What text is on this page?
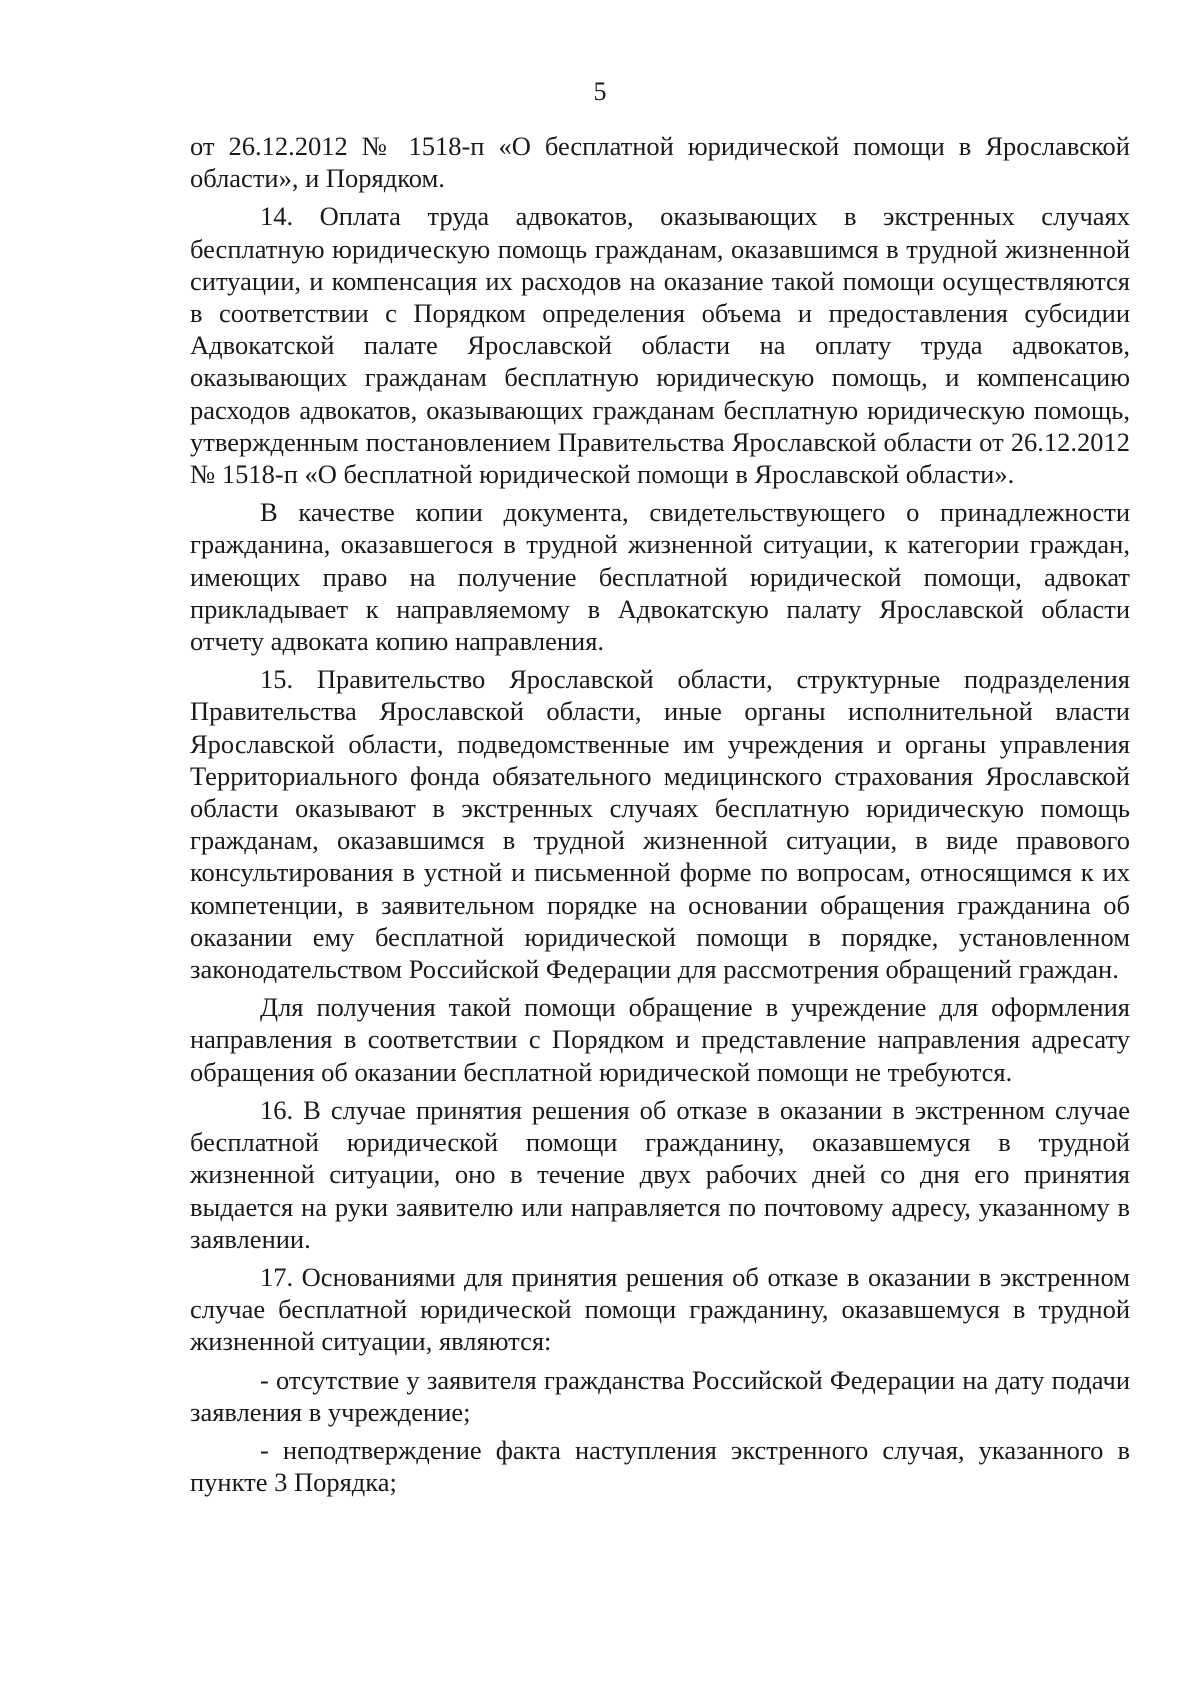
5

от 26.12.2012 № 1518-п «О бесплатной юридической помощи в Ярославской области», и Порядком.

14. Оплата труда адвокатов, оказывающих в экстренных случаях бесплатную юридическую помощь гражданам, оказавшимся в трудной жизненной ситуации, и компенсация их расходов на оказание такой помощи осуществляются в соответствии с Порядком определения объема и предоставления субсидии Адвокатской палате Ярославской области на оплату труда адвокатов, оказывающих гражданам бесплатную юридическую помощь, и компенсацию расходов адвокатов, оказывающих гражданам бесплатную юридическую помощь, утвержденным постановлением Правительства Ярославской области от 26.12.2012 № 1518-п «О бесплатной юридической помощи в Ярославской области».

В качестве копии документа, свидетельствующего о принадлежности гражданина, оказавшегося в трудной жизненной ситуации, к категории граждан, имеющих право на получение бесплатной юридической помощи, адвокат прикладывает к направляемому в Адвокатскую палату Ярославской области отчету адвоката копию направления.

15. Правительство Ярославской области, структурные подразделения Правительства Ярославской области, иные органы исполнительной власти Ярославской области, подведомственные им учреждения и органы управления Территориального фонда обязательного медицинского страхования Ярославской области оказывают в экстренных случаях бесплатную юридическую помощь гражданам, оказавшимся в трудной жизненной ситуации, в виде правового консультирования в устной и письменной форме по вопросам, относящимся к их компетенции, в заявительном порядке на основании обращения гражданина об оказании ему бесплатной юридической помощи в порядке, установленном законодательством Российской Федерации для рассмотрения обращений граждан.

Для получения такой помощи обращение в учреждение для оформления направления в соответствии с Порядком и представление направления адресату обращения об оказании бесплатной юридической помощи не требуются.

16. В случае принятия решения об отказе в оказании в экстренном случае бесплатной юридической помощи гражданину, оказавшемуся в трудной жизненной ситуации, оно в течение двух рабочих дней со дня его принятия выдается на руки заявителю или направляется по почтовому адресу, указанному в заявлении.

17. Основаниями для принятия решения об отказе в оказании в экстренном случае бесплатной юридической помощи гражданину, оказавшемуся в трудной жизненной ситуации, являются:

- отсутствие у заявителя гражданства Российской Федерации на дату подачи заявления в учреждение;

- неподтверждение факта наступления экстренного случая, указанного в пункте 3 Порядка;
